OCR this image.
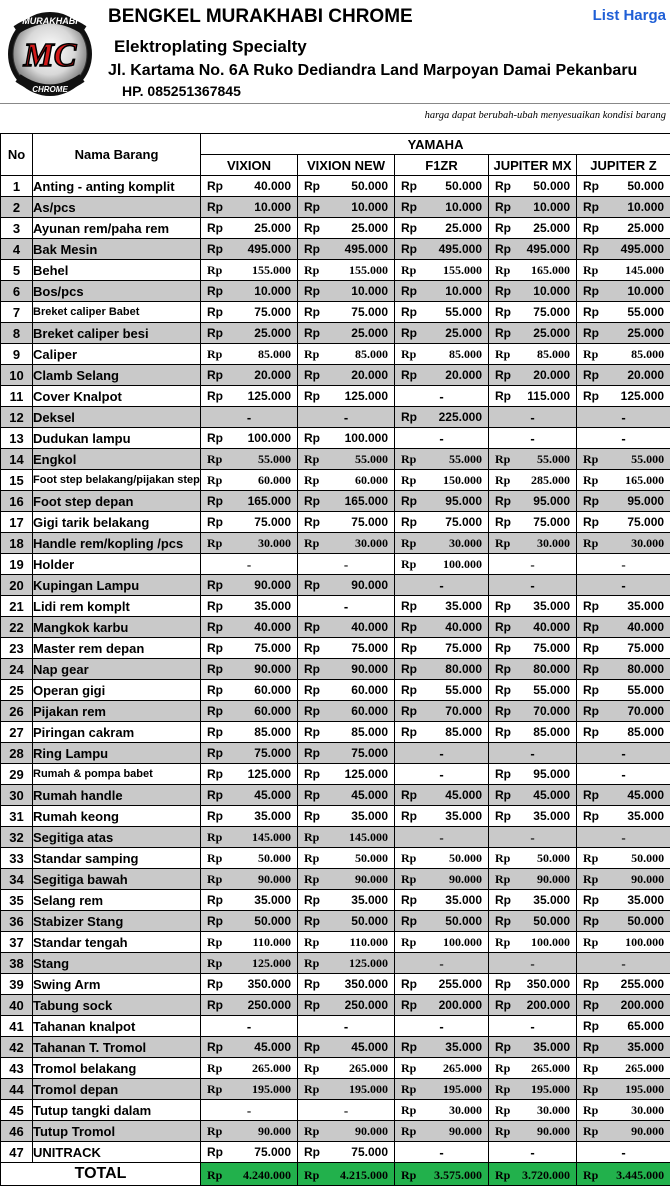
MURAKHABI
MC
CHROME
BENGKEL MURAKHABI CHROME
Elektroplating Specialty
Jl. Kartama No. 6A Ruko Dediandra Land Marpoyan Damai Pekanbaru
HP. 085251367845
List Harga
harga dapat berubah-ubah menyesuaikan kondisi barang
No	Nama Barang	YAMAHA				
		VIXION	VIXION NEW	F1ZR	JUPITER MX	JUPITER Z
1	Anting - anting komplit	Rp 40.000	Rp 50.000	Rp 50.000	Rp 50.000	Rp 50.000

2	As/pcs	Rp 10.000	Rp 10.000	Rp 10.000	Rp 10.000	Rp 10.000

3	Ayunan rem/paha rem	Rp 25.000	Rp 25.000	Rp 25.000	Rp 25.000	Rp 25.000

4	Bak Mesin	Rp 495.000	Rp 495.000	Rp 495.000	Rp 495.000	Rp 495.000

5	Behel	Rp 155.000	Rp 155.000	Rp 155.000	Rp 165.000	Rp 145.000

6	Bos/pcs	Rp 10.000	Rp 10.000	Rp 10.000	Rp 10.000	Rp 10.000

7	Breket caliper Babet	Rp 75.000	Rp 75.000	Rp 55.000	Rp 75.000	Rp 55.000

8	Breket caliper besi	Rp 25.000	Rp 25.000	Rp 25.000	Rp 25.000	Rp 25.000

9	Caliper	Rp 85.000	Rp 85.000	Rp 85.000	Rp 85.000	Rp 85.000

10	Clamb Selang	Rp 20.000	Rp 20.000	Rp 20.000	Rp 20.000	Rp 20.000

11	Cover Knalpot	Rp 125.000	Rp 125.000	-	Rp 115.000	Rp 125.000

12	Deksel	-	-	Rp 225.000	-	-

13	Dudukan lampu	Rp 100.000	Rp 100.000	-	-	-

14	Engkol	Rp 55.000	Rp 55.000	Rp 55.000	Rp 55.000	Rp 55.000

15	Foot step belakang/pijakan step	Rp 60.000	Rp 60.000	Rp 150.000	Rp 285.000	Rp 165.000

16	Foot step depan	Rp 165.000	Rp 165.000	Rp 95.000	Rp 95.000	Rp 95.000

17	Gigi tarik belakang	Rp 75.000	Rp 75.000	Rp 75.000	Rp 75.000	Rp 75.000

18	Handle rem/kopling /pcs	Rp 30.000	Rp 30.000	Rp 30.000	Rp 30.000	Rp 30.000

19	Holder	-	-	Rp 100.000	-	-

20	Kupingan Lampu	Rp 90.000	Rp 90.000	-	-	-

21	Lidi rem komplt	Rp 35.000	-	Rp 35.000	Rp 35.000	Rp 35.000

22	Mangkok karbu	Rp 40.000	Rp 40.000	Rp 40.000	Rp 40.000	Rp 40.000

23	Master rem depan	Rp 75.000	Rp 75.000	Rp 75.000	Rp 75.000	Rp 75.000

24	Nap gear	Rp 90.000	Rp 90.000	Rp 80.000	Rp 80.000	Rp 80.000

25	Operan gigi	Rp 60.000	Rp 60.000	Rp 55.000	Rp 55.000	Rp 55.000

26	Pijakan rem	Rp 60.000	Rp 60.000	Rp 70.000	Rp 70.000	Rp 70.000

27	Piringan cakram	Rp 85.000	Rp 85.000	Rp 85.000	Rp 85.000	Rp 85.000

28	Ring Lampu	Rp 75.000	Rp 75.000	-	-	-

29	Rumah & pompa babet	Rp 125.000	Rp 125.000	-	Rp 95.000	-

30	Rumah handle	Rp 45.000	Rp 45.000	Rp 45.000	Rp 45.000	Rp 45.000

31	Rumah keong	Rp 35.000	Rp 35.000	Rp 35.000	Rp 35.000	Rp 35.000

32	Segitiga atas	Rp 145.000	Rp 145.000	-	-	-

33	Standar samping	Rp 50.000	Rp 50.000	Rp 50.000	Rp 50.000	Rp 50.000

34	Segitiga bawah	Rp 90.000	Rp 90.000	Rp 90.000	Rp 90.000	Rp 90.000

35	Selang rem	Rp 35.000	Rp 35.000	Rp 35.000	Rp 35.000	Rp 35.000

36	Stabizer Stang	Rp 50.000	Rp 50.000	Rp 50.000	Rp 50.000	Rp 50.000

37	Standar tengah	Rp 110.000	Rp 110.000	Rp 100.000	Rp 100.000	Rp 100.000

38	Stang	Rp 125.000	Rp 125.000	-	-	-

39	Swing Arm	Rp 350.000	Rp 350.000	Rp 255.000	Rp 350.000	Rp 255.000

40	Tabung sock	Rp 250.000	Rp 250.000	Rp 200.000	Rp 200.000	Rp 200.000

41	Tahanan knalpot	-	-	-	-	Rp 65.000

42	Tahanan T. Tromol	Rp 45.000	Rp 45.000	Rp 35.000	Rp 35.000	Rp 35.000

43	Tromol belakang	Rp 265.000	Rp 265.000	Rp 265.000	Rp 265.000	Rp 265.000

44	Tromol depan	Rp 195.000	Rp 195.000	Rp 195.000	Rp 195.000	Rp 195.000

45	Tutup tangki dalam	-	-	Rp 30.000	Rp 30.000	Rp 30.000

46	Tutup Tromol	Rp 90.000	Rp 90.000	Rp 90.000	Rp 90.000	Rp 90.000

47	UNITRACK	Rp 75.000	Rp 75.000	-	-	-

TOTAL		Rp 4.240.000	Rp 4.215.000	Rp 3.575.000	Rp 3.720.000	Rp 3.445.000
